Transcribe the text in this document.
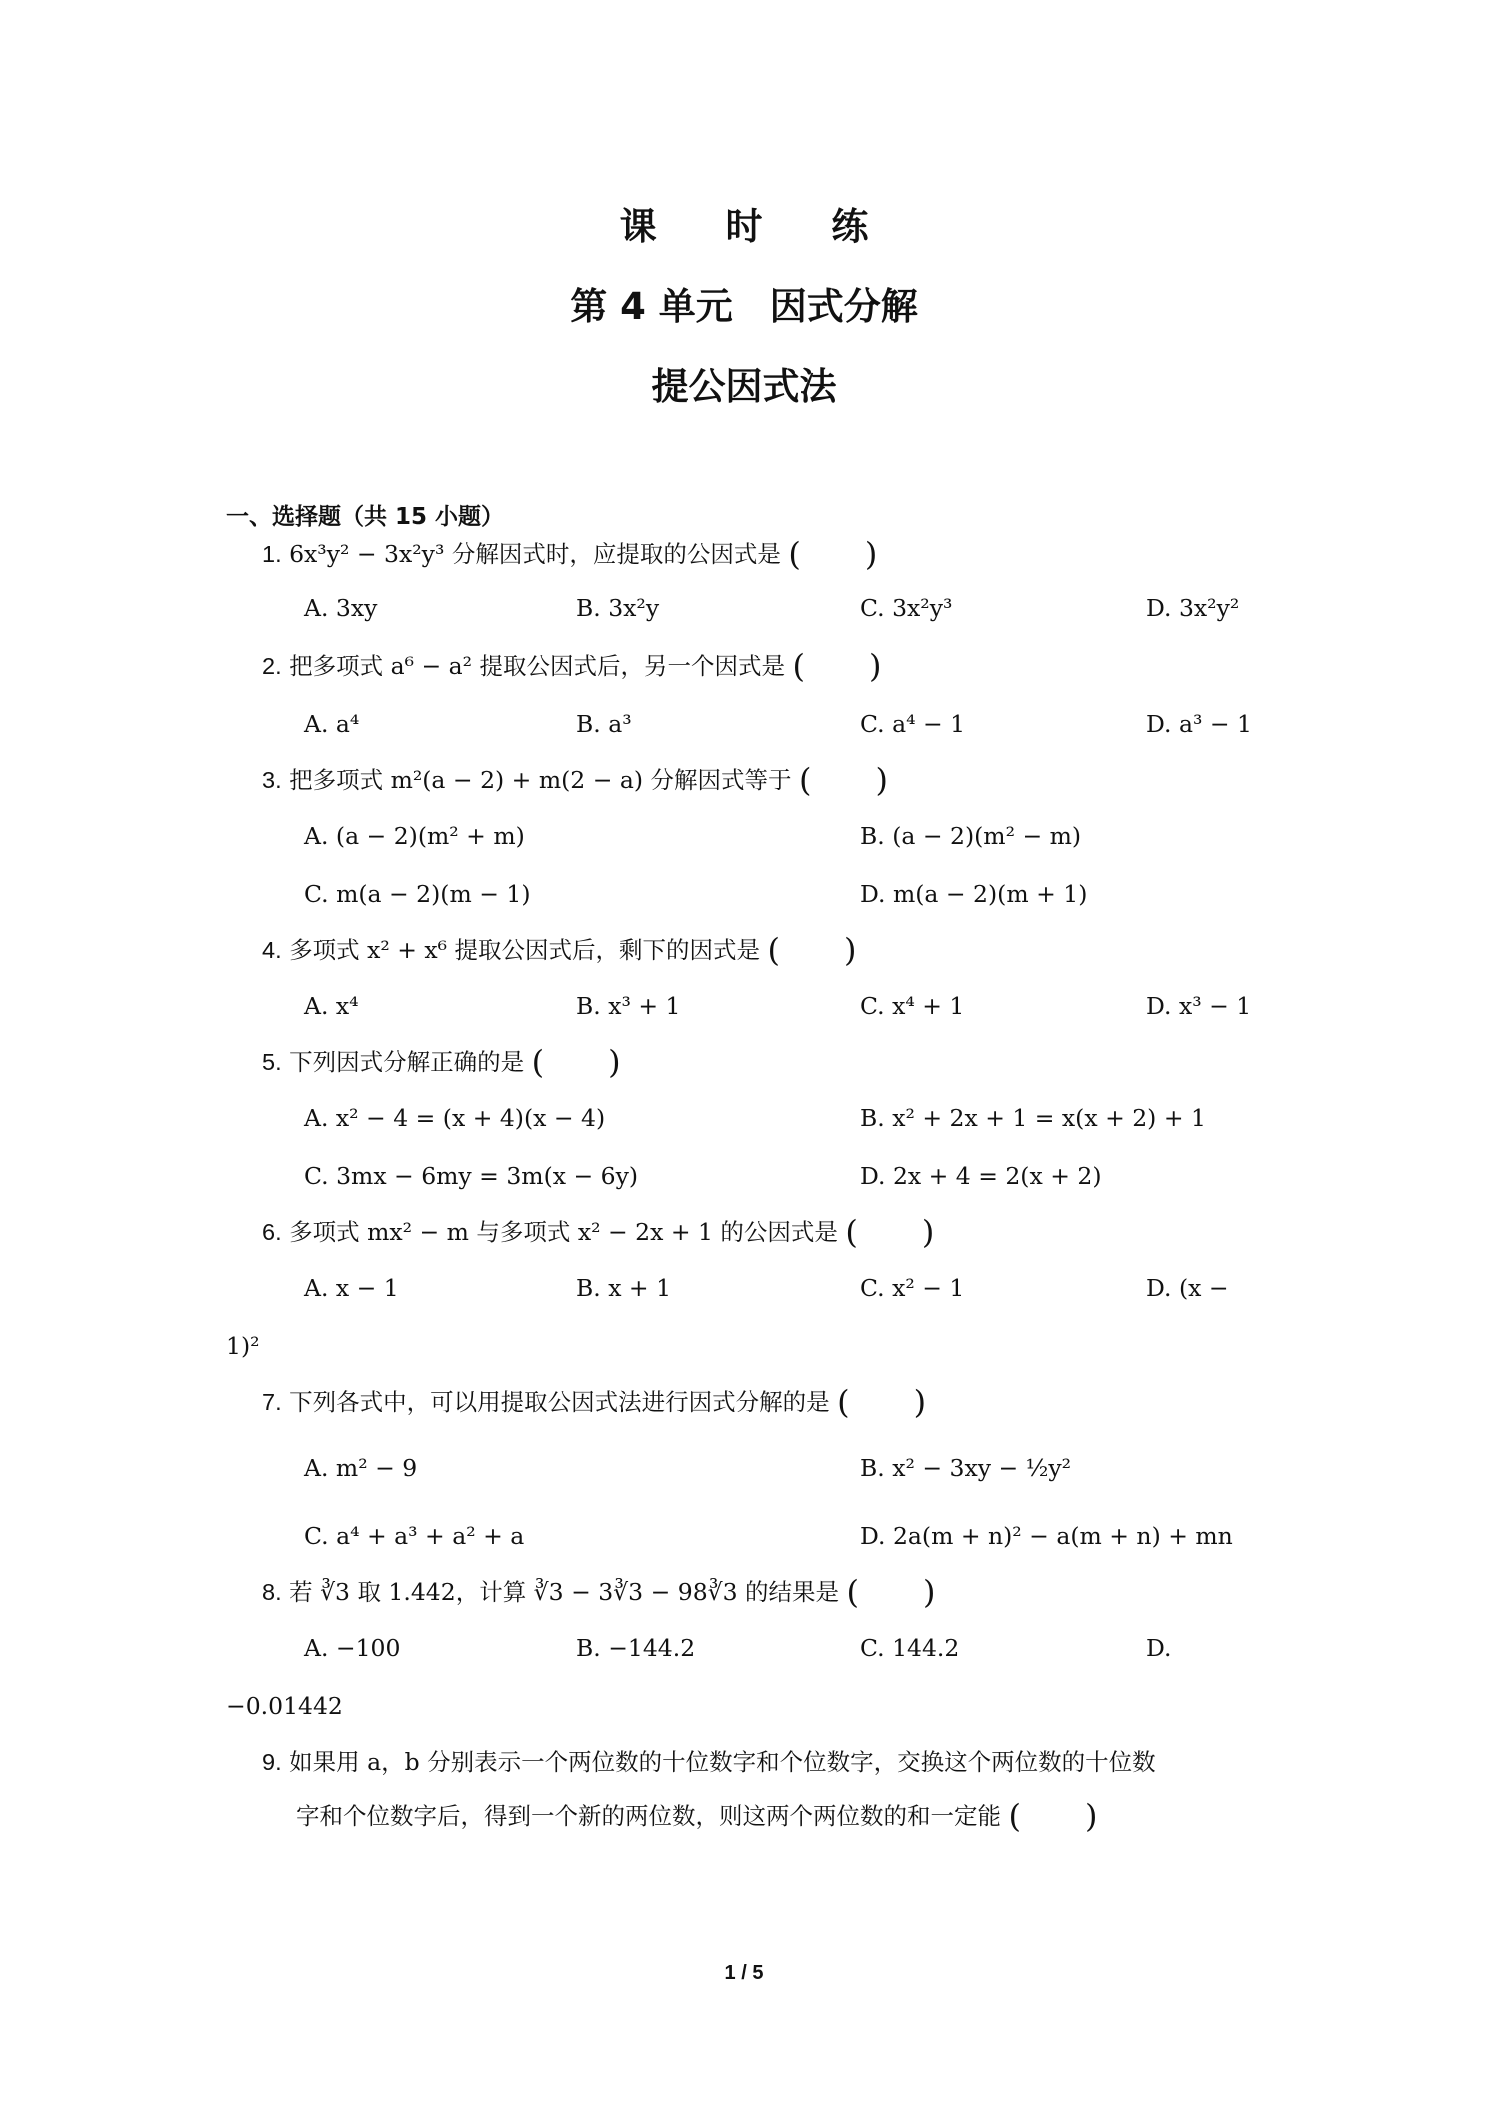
课 时 练
第 4 单元　因式分解
提公因式法
一、选择题（共 15 小题）
1. 6x³y² − 3x²y³ 分解因式时，应提取的公因式是 (　　)
A. 3xy	B. 3x²y	C. 3x²y³	D. 3x²y²
2. 把多项式 a⁶ − a² 提取公因式后，另一个因式是 (　　)
A. a⁴	B. a³	C. a⁴ − 1	D. a³ − 1
3. 把多项式 m²(a − 2) + m(2 − a) 分解因式等于 (　　)
A. (a − 2)(m² + m)	B. (a − 2)(m² − m)
C. m(a − 2)(m − 1)	D. m(a − 2)(m + 1)
4. 多项式 x² + x⁶ 提取公因式后，剩下的因式是 (　　)
A. x⁴	B. x³ + 1	C. x⁴ + 1	D. x³ − 1
5. 下列因式分解正确的是 (　　)
A. x² − 4 = (x + 4)(x − 4)	B. x² + 2x + 1 = x(x + 2) + 1
C. 3mx − 6my = 3m(x − 6y)	D. 2x + 4 = 2(x + 2)
6. 多项式 mx² − m 与多项式 x² − 2x + 1 的公因式是 (　　)
A. x − 1	B. x + 1	C. x² − 1	D. (x −
1)²
7. 下列各式中，可以用提取公因式法进行因式分解的是 (　　)
A. m² − 9	B. x² − 3xy − ½y²
C. a⁴ + a³ + a² + a	D. 2a(m + n)² − a(m + n) + mn
8. 若 ∛3 取 1.442，计算 ∛3 − 3∛3 − 98∛3 的结果是 (　　)
A. −100	B. −144.2	C. 144.2	D.
−0.01442
9. 如果用 a，b 分别表示一个两位数的十位数字和个位数字，交换这个两位数的十位数
字和个位数字后，得到一个新的两位数，则这两个两位数的和一定能 (　　)
1 / 5
